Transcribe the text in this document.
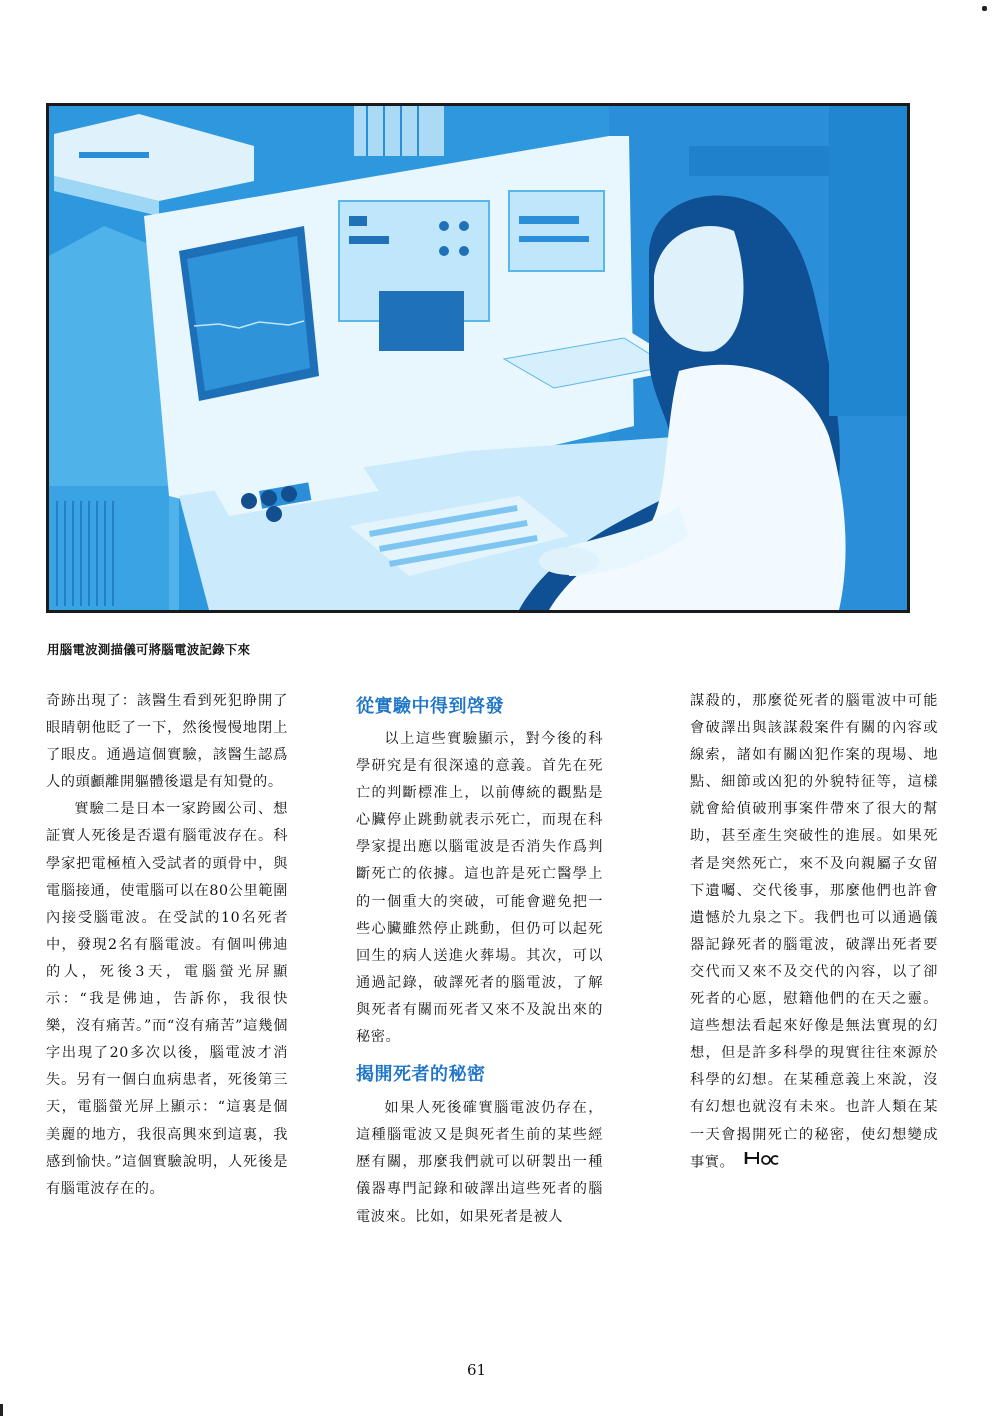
用腦電波測描儀可將腦電波記錄下來

奇跡出現了：該醫生看到死犯睁開了眼睛朝他眨了一下，然後慢慢地閉上了眼皮。通過這個實驗，該醫生認爲人的頭顱離開軀體後還是有知覺的。

實驗二是日本一家跨國公司、想証實人死後是否還有腦電波存在。科學家把電極植入受試者的頭骨中，與電腦接通，使電腦可以在80公里範圍內接受腦電波。在受試的10名死者中，發現2名有腦電波。有個叫佛迪的人，死後3天，電腦螢光屏顯示：“我是佛迪，告訴你，我很快樂，沒有痛苦。”而“沒有痛苦”這幾個字出現了20多次以後，腦電波才消失。另有一個白血病患者，死後第三天，電腦螢光屏上顯示：“這裏是個美麗的地方，我很高興來到這裏，我感到愉快。”這個實驗說明，人死後是有腦電波存在的。

從實驗中得到啓發

以上這些實驗顯示，對今後的科學研究是有很深遠的意義。首先在死亡的判斷標准上，以前傳統的觀點是心臟停止跳動就表示死亡，而現在科學家提出應以腦電波是否消失作爲判斷死亡的依據。這也許是死亡醫學上的一個重大的突破，可能會避免把一些心臟雖然停止跳動，但仍可以起死回生的病人送進火葬場。其次，可以通過記錄，破譯死者的腦電波，了解與死者有關而死者又來不及說出來的秘密。

揭開死者的秘密

如果人死後確實腦電波仍存在，這種腦電波又是與死者生前的某些經歷有關，那麼我們就可以研製出一種儀器專門記錄和破譯出這些死者的腦電波來。比如，如果死者是被人

謀殺的，那麼從死者的腦電波中可能會破譯出與該謀殺案件有關的內容或線索，諸如有關凶犯作案的現場、地點、細節或凶犯的外貌特征等，這樣就會給偵破刑事案件帶來了很大的幫助，甚至產生突破性的進展。如果死者是突然死亡，來不及向親屬子女留下遺囑、交代後事，那麼他們也許會遺憾於九泉之下。我們也可以通過儀器記錄死者的腦電波，破譯出死者要交代而又來不及交代的內容，以了卻死者的心愿，慰籍他們的在天之靈。這些想法看起來好像是無法實現的幻想，但是許多科學的現實往往來源於科學的幻想。在某種意義上來說，沒有幻想也就沒有未來。也許人類在某一天會揭開死亡的秘密，使幻想變成事實。

61
